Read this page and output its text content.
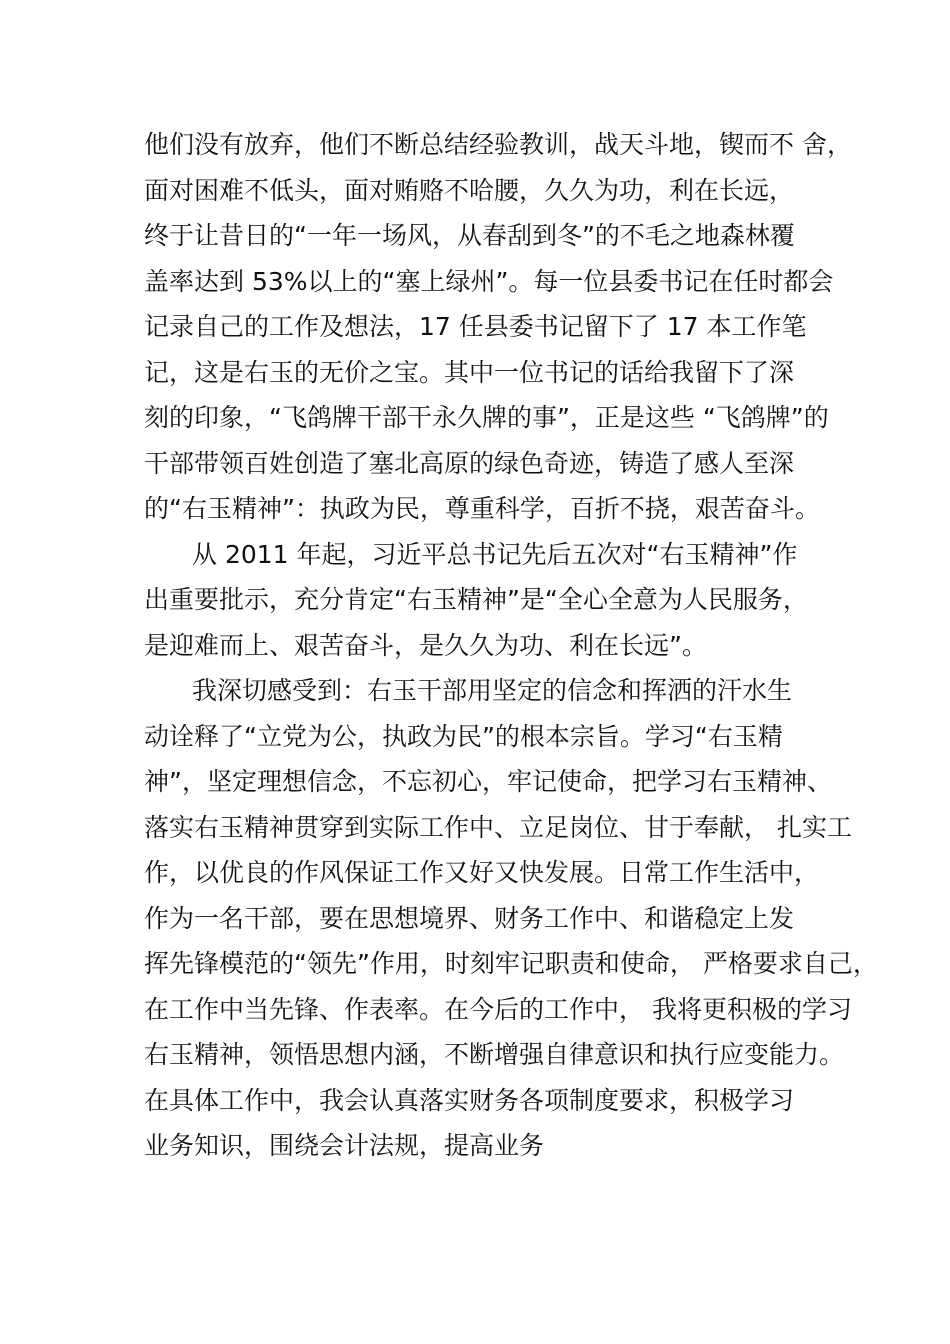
他们没有放弃，他们不断总结经验教训，战天斗地，锲而不 舍，
面对困难不低头，面对贿赂不哈腰，久久为功，利在长远，
终于让昔日的“一年一场风，从春刮到冬”的不毛之地森林覆
盖率达到 53%以上的“塞上绿州”。每一位县委书记在任时都会
记录自己的工作及想法，17 任县委书记留下了 17 本工作笔
记，这是右玉的无价之宝。其中一位书记的话给我留下了深
刻的印象，“飞鸽牌干部干永久牌的事”，正是这些 “飞鸽牌”的
干部带领百姓创造了塞北高原的绿色奇迹，铸造了感人至深
的“右玉精神”：执政为民，尊重科学，百折不挠，艰苦奋斗。
从 2011 年起，习近平总书记先后五次对“右玉精神”作
出重要批示，充分肯定“右玉精神”是“全心全意为人民服务，
是迎难而上、艰苦奋斗，是久久为功、利在长远”。
我深切感受到：右玉干部用坚定的信念和挥洒的汗水生
动诠释了“立党为公，执政为民”的根本宗旨。学习“右玉精
神”，坚定理想信念，不忘初心，牢记使命，把学习右玉精神、
落实右玉精神贯穿到实际工作中、立足岗位、甘于奉献， 扎实工
作，以优良的作风保证工作又好又快发展。日常工作生活中，
作为一名干部，要在思想境界、财务工作中、和谐稳定上发
挥先锋模范的“领先”作用，时刻牢记职责和使命， 严格要求自己，
在工作中当先锋、作表率。在今后的工作中， 我将更积极的学习
右玉精神，领悟思想内涵，不断增强自律意识和执行应变能力。
在具体工作中，我会认真落实财务各项制度要求，积极学习
业务知识，围绕会计法规，提高业务
